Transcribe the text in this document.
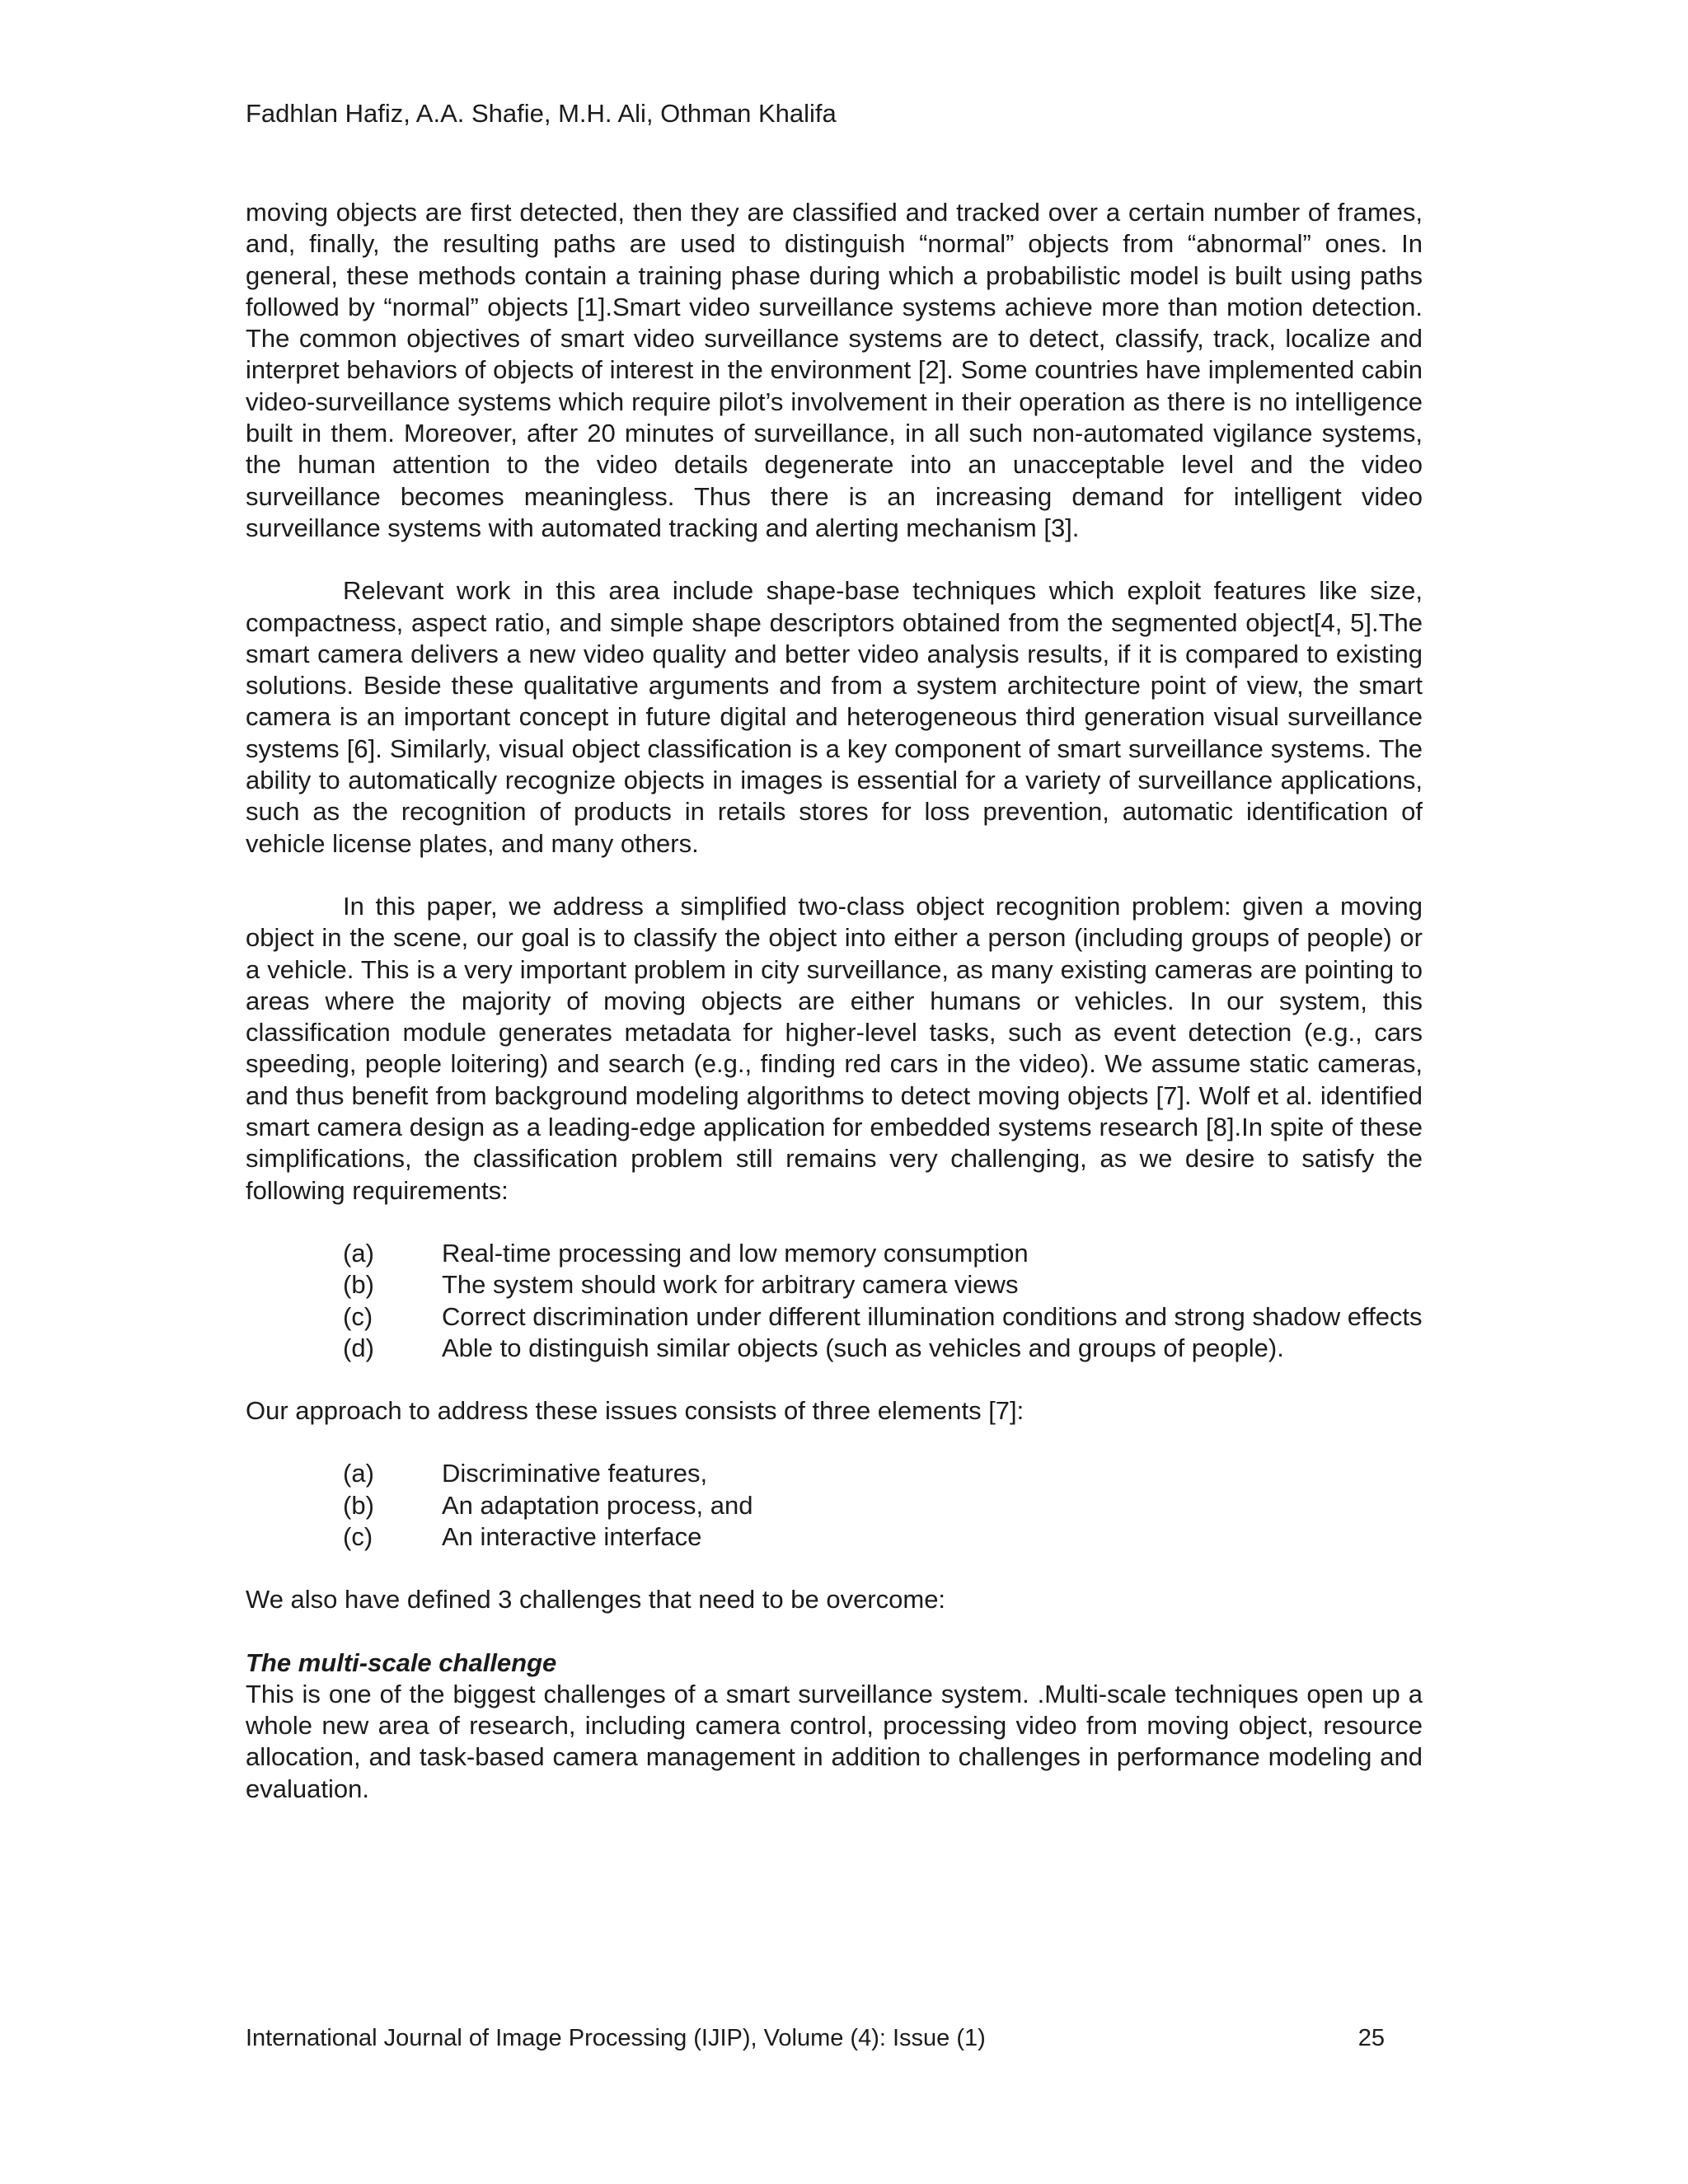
Fadhlan Hafiz, A.A. Shafie, M.H. Ali, Othman Khalifa

moving objects are first detected, then they are classified and tracked over a certain number of frames, and, finally, the resulting paths are used to distinguish “normal” objects from “abnormal” ones. In general, these methods contain a training phase during which a probabilistic model is built using paths followed by “normal” objects [1].Smart video surveillance systems achieve more than motion detection. The common objectives of smart video surveillance systems are to detect, classify, track, localize and interpret behaviors of objects of interest in the environment [2]. Some countries have implemented cabin video-surveillance systems which require pilot’s involvement in their operation as there is no intelligence built in them. Moreover, after 20 minutes of surveillance, in all such non-automated vigilance systems, the human attention to the video details degenerate into an unacceptable level and the video surveillance becomes meaningless. Thus there is an increasing demand for intelligent video surveillance systems with automated tracking and alerting mechanism [3].

Relevant work in this area include shape-base techniques which exploit features like size, compactness, aspect ratio, and simple shape descriptors obtained from the segmented object[4, 5].The smart camera delivers a new video quality and better video analysis results, if it is compared to existing solutions. Beside these qualitative arguments and from a system architecture point of view, the smart camera is an important concept in future digital and heterogeneous third generation visual surveillance systems [6]. Similarly, visual object classification is a key component of smart surveillance systems. The ability to automatically recognize objects in images is essential for a variety of surveillance applications, such as the recognition of products in retails stores for loss prevention, automatic identification of vehicle license plates, and many others.

In this paper, we address a simplified two-class object recognition problem: given a moving object in the scene, our goal is to classify the object into either a person (including groups of people) or a vehicle. This is a very important problem in city surveillance, as many existing cameras are pointing to areas where the majority of moving objects are either humans or vehicles. In our system, this classification module generates metadata for higher-level tasks, such as event detection (e.g., cars speeding, people loitering) and search (e.g., finding red cars in the video). We assume static cameras, and thus benefit from background modeling algorithms to detect moving objects [7]. Wolf et al. identified smart camera design as a leading-edge application for embedded systems research [8].In spite of these simplifications, the classification problem still remains very challenging, as we desire to satisfy the following requirements:

(a)	Real-time processing and low memory consumption
(b)	The system should work for arbitrary camera views
(c)	Correct discrimination under different illumination conditions and strong shadow effects
(d)	Able to distinguish similar objects (such as vehicles and groups of people).

Our approach to address these issues consists of three elements [7]:

(a)	Discriminative features,
(b)	An adaptation process, and
(c)	An interactive interface

We also have defined 3 challenges that need to be overcome:

The multi-scale challenge

This is one of the biggest challenges of a smart surveillance system. .Multi-scale techniques open up a whole new area of research, including camera control, processing video from moving object, resource allocation, and task-based camera management in addition to challenges in performance modeling and evaluation.

International Journal of Image Processing (IJIP), Volume (4): Issue (1)	25
